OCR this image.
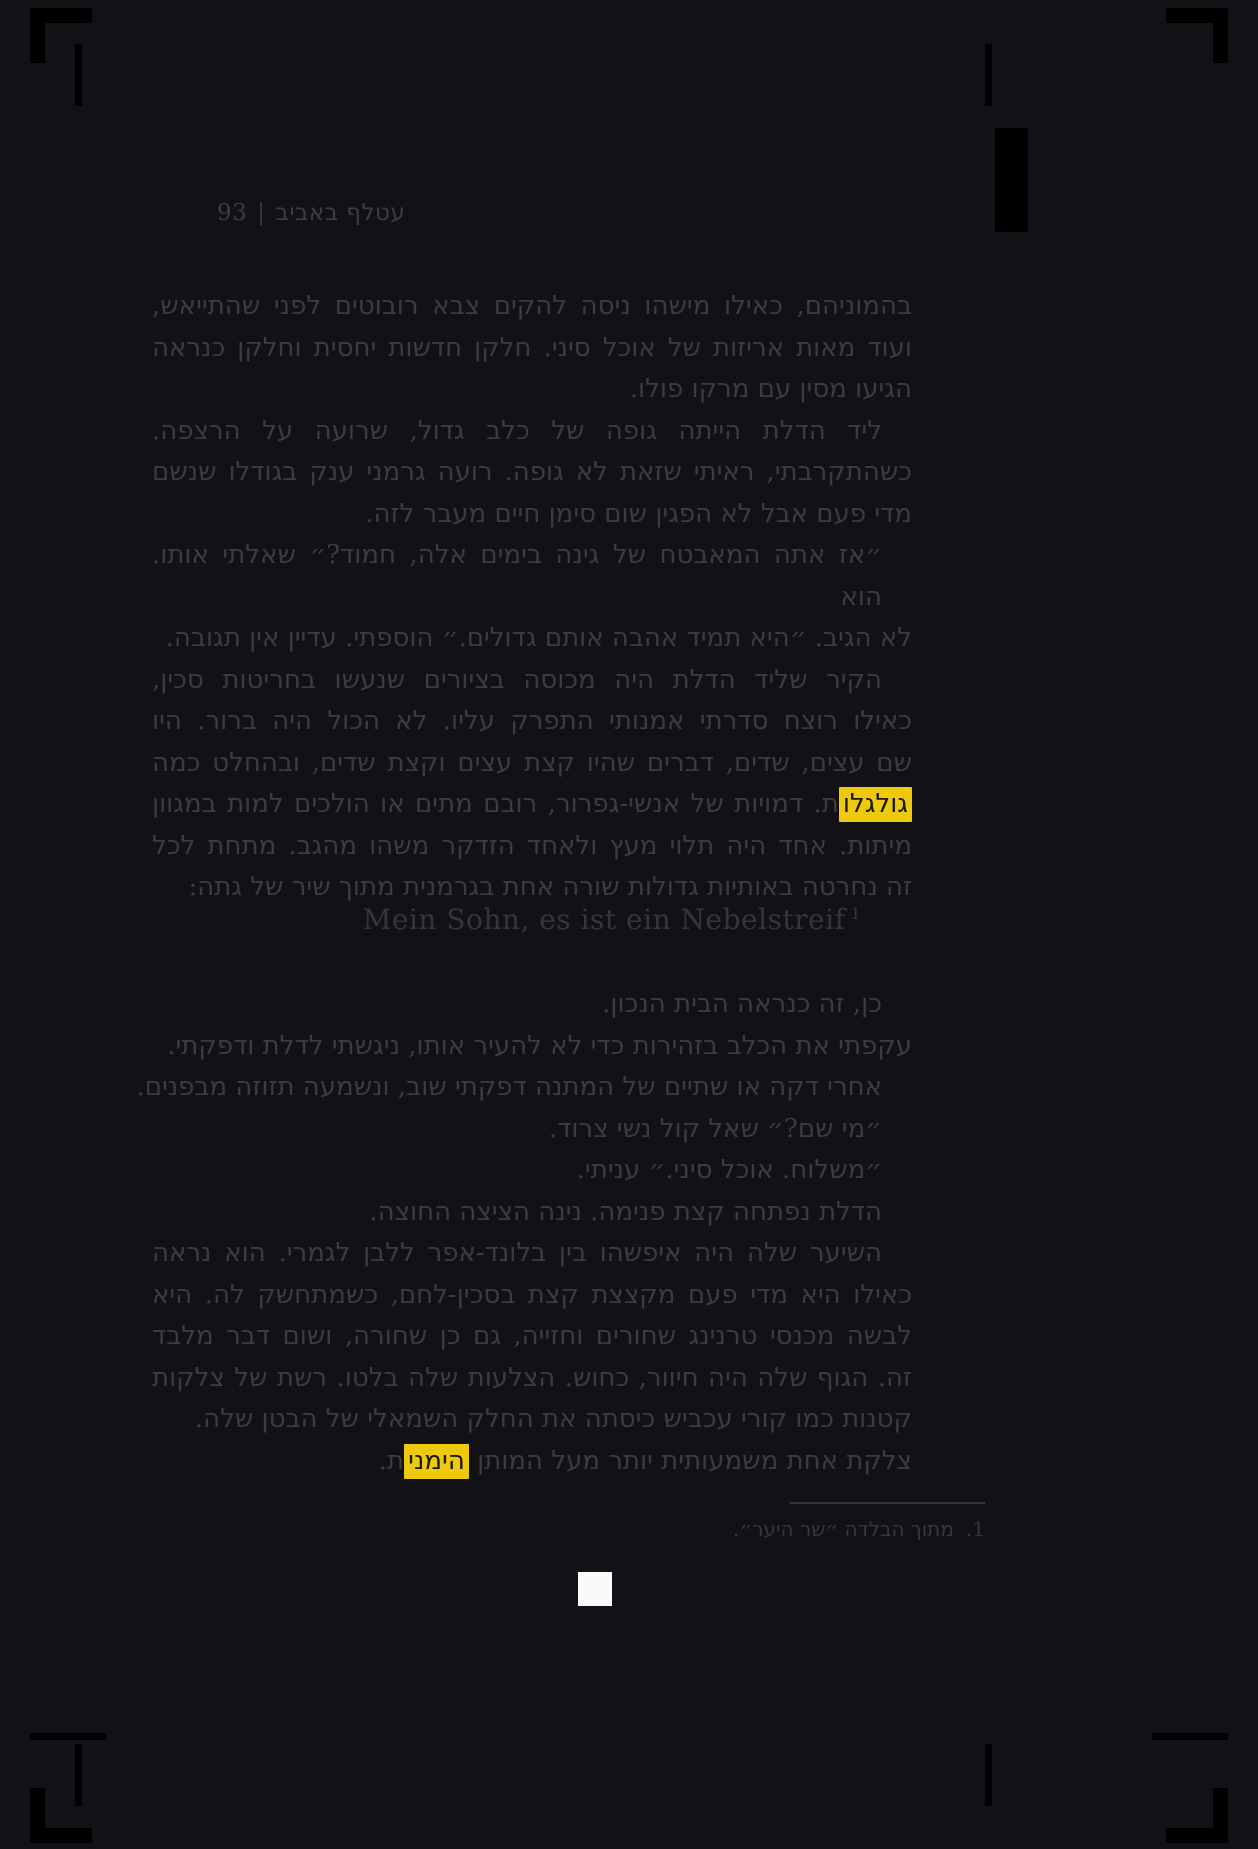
עטלף באביב|93
בהמוניהם, כאילו מישהו ניסה להקים צבא רובוטים לפני שהתייאש,
ועוד מאות אריזות של אוכל סיני. חלקן חדשות יחסית וחלקן כנראה
הגיעו מסין עם מרקו פולו.
ליד הדלת הייתה גופה של כלב גדול, שרועה על הרצפה.
כשהתקרבתי, ראיתי שזאת לא גופה. רועה גרמני ענק בגודלו שנשם
מדי פעם אבל לא הפגין שום סימן חיים מעבר לזה.
״אז אתה המאבטח של גינה בימים אלה, חמוד?״ שאלתי אותו. הוא
לא הגיב. ״היא תמיד אהבה אותם גדולים.״ הוספתי. עדיין אין תגובה.
הקיר שליד הדלת היה מכוסה בציורים שנעשו בחריטות סכין,
כאילו רוצח סדרתי אמנותי התפרק עליו. לא הכול היה ברור. היו
שם עצים, שדים, דברים שהיו קצת עצים וקצת שדים, ובהחלט כמה
גולגלות. דמויות של אנשי-גפרור, רובם מתים או הולכים למות במגוון
מיתות. אחד היה תלוי מעץ ולאחד הזדקר משהו מהגב. מתחת לכל
זה נחרטה באותיות גדולות שורה אחת בגרמנית מתוך שיר של גתה:
Mein Sohn, es ist ein Nebelstreif $^1$
כן, זה כנראה הבית הנכון.
עקפתי את הכלב בזהירות כדי לא להעיר אותו, ניגשתי לדלת ודפקתי.
אחרי דקה או שתיים של המתנה דפקתי שוב, ונשמעה תזוזה מבפנים.
״מי שם?״ שאל קול נשי צרוד.
״משלוח. אוכל סיני.״ עניתי.
הדלת נפתחה קצת פנימה. נינה הציצה החוצה.
השיער שלה היה איפשהו בין בלונד-אפר ללבן לגמרי. הוא נראה
כאילו היא מדי פעם מקצצת קצת בסכין-לחם, כשמתחשק לה. היא
לבשה מכנסי טרנינג שחורים וחזייה, גם כן שחורה, ושום דבר מלבד
זה. הגוף שלה היה חיוור, כחוש. הצלעות שלה בלטו. רשת של צלקות
קטנות כמו קורי עכביש כיסתה את החלק השמאלי של הבטן שלה.
צלקת אחת משמעותית יותר מעל המותן הימנית.
1.מתוך הבלדה ״שר היער״.
